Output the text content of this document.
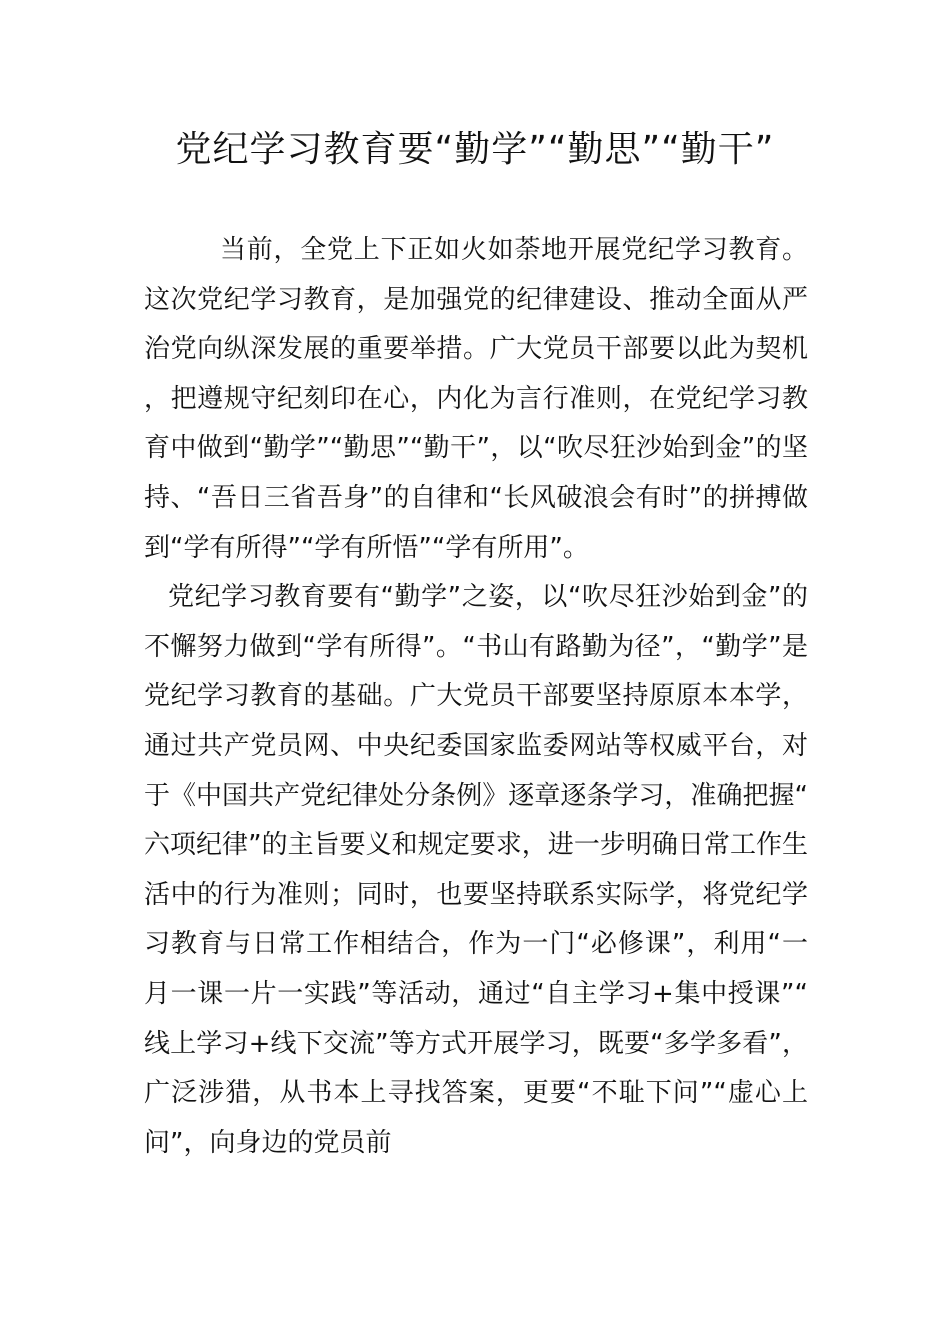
党纪学习教育要“勤学”“勤思”“勤干”

当前，全党上下正如火如荼地开展党纪学习教育。这次党纪学习教育，是加强党的纪律建设、推动全面从严治党向纵深发展的重要举措。广大党员干部要以此为契机，把遵规守纪刻印在心，内化为言行准则，在党纪学习教育中做到“勤学”“勤思”“勤干”，以“吹尽狂沙始到金”的坚持、“吾日三省吾身”的自律和“长风破浪会有时”的拼搏做到“学有所得”“学有所悟”“学有所用”。

党纪学习教育要有“勤学”之姿，以“吹尽狂沙始到金”的不懈努力做到“学有所得”。“书山有路勤为径”，“勤学”是党纪学习教育的基础。广大党员干部要坚持原原本本学，通过共产党员网、中央纪委国家监委网站等权威平台，对于《中国共产党纪律处分条例》逐章逐条学习，准确把握“六项纪律”的主旨要义和规定要求，进一步明确日常工作生活中的行为准则；同时，也要坚持联系实际学，将党纪学习教育与日常工作相结合，作为一门“必修课”，利用“一月一课一片一实践”等活动，通过“自主学习+集中授课”“线上学习+线下交流”等方式开展学习，既要“多学多看”，广泛涉猎，从书本上寻找答案，更要“不耻下问”“虚心上问”，向身边的党员前
